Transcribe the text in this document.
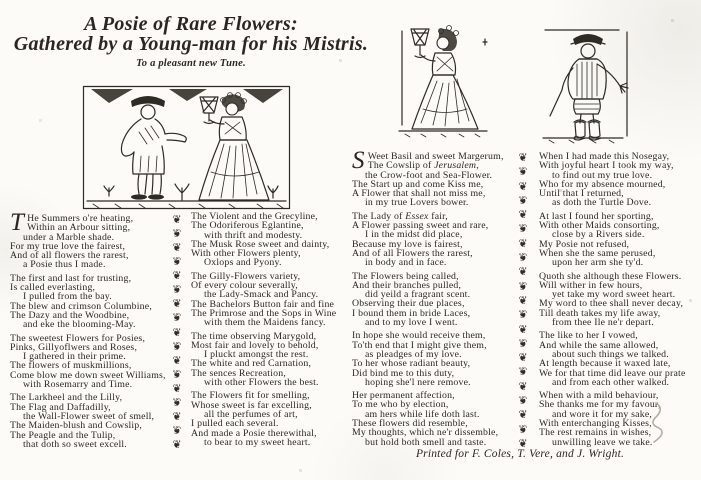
A Posie of Rare Flowers:
Gathered by a Young-man for his Mistris.
To a pleasant new Tune.
❦
❦
❦
❦
❦
❦
❦
❦
❦
❦
❦
❦
❦
❦
❦
❦
❦
❦
❦
❦
❦
❦
❦
❦
❦
❦
❦
❦
❦
❦
❦
❦
❦
❦
❦
❦
❦
❦
T He Summers o're heating,
Within an Arbour sitting,
under a Marble shade.
For my true love the fairest,
And of all flowers the rarest,
a Posie thus I made.
The first and last for trusting,
Is called everlasting,
I pulled from the bay.
The blew and crimson Columbine,
The Dazy and the Woodbine,
and eke the blooming-May.
The sweetest Flowers for Posies,
Pinks, Gillyoflwers and Roses,
I gathered in their prime.
The flowers of muskmillions,
Come blow me down sweet Williams,
with Rosemarry and Time.
The Larkheel and the Lilly,
The Flag and Daffadilly,
the Wall-Flower sweet of smell,
The Maiden-blush and Cowslip,
The Peagle and the Tulip,
that doth so sweet excell.
The Violent and the Grecyline,
The Odoriferous Eglantine,
with thrift and modesty.
The Musk Rose sweet and dainty,
With other Flowers plenty,
Oxlops and Pyony.
The Gilly-Flowers variety,
Of every colour severally,
the Lady-Smack and Pancy.
The Bachelors Button fair and fine
The Primrose and the Sops in Wine
with them the Maidens fancy.
The time observing Marygold,
Most fair and lovely to behold,
I pluckt amongst the rest.
The white and red Carnation,
The sences Recreation,
with other Flowers the best.
The Flowers fit for smelling,
Whose sweet is far excelling,
all the perfumes of art,
I pulled each several.
And made a Posie therewithal,
to bear to my sweet heart.
S Weet Basil and sweet Margerum,
The Cowslip of Jerusalem,
the Crow-foot and Sea-Flower.
The Start up and come Kiss me,
A Flower that shall not miss me,
in my true Lovers bower.
The Lady of Essex fair,
A Flower passing sweet and rare,
I in the midst did place,
Because my love is fairest,
And of all Flowers the rarest,
in body and in face.
The Flowers being called,
And their branches pulled,
did yeild a fragrant scent.
Observing their due places,
I bound them in bride Laces,
and to my love I went.
In hope she would receive them,
To'th end that I might give them,
as pleadges of my love.
To her whose radiant beauty,
Did bind me to this duty,
hoping she'l nere remove.
Her permanent affection,
To me who by election,
am hers while life doth last.
These flowers did resemble,
My thoughts, which ne'r dissemble,
but hold both smell and taste.
When I had made this Nosegay,
With joyful heart I took my way,
to find out my true love.
Who for my absence mourned,
Until that I returned,
as doth the Turtle Dove.
At last I found her sporting,
With other Maids consorting,
close by a Rivers side.
My Posie not refused,
When she the same perused,
upon her arm she ty'd.
Quoth she although these Flowers.
Will wither in few hours,
yet take my word sweet heart.
My word to thee shall never decay,
Till death takes my life away,
from thee Ile ne'r depart.
The like to her I vowed,
And while the same allowed,
about such things we talked.
At length because it waxed late,
We for that time did leave our prate
and from each other walked.
When with a mild behaviour,
She thanks me for my favour,
and wore it for my sake,
With enterchanging Kisses,
The rest remains in wishes,
unwilling leave we take.
Printed for F. Coles, T. Vere, and J. Wright.
